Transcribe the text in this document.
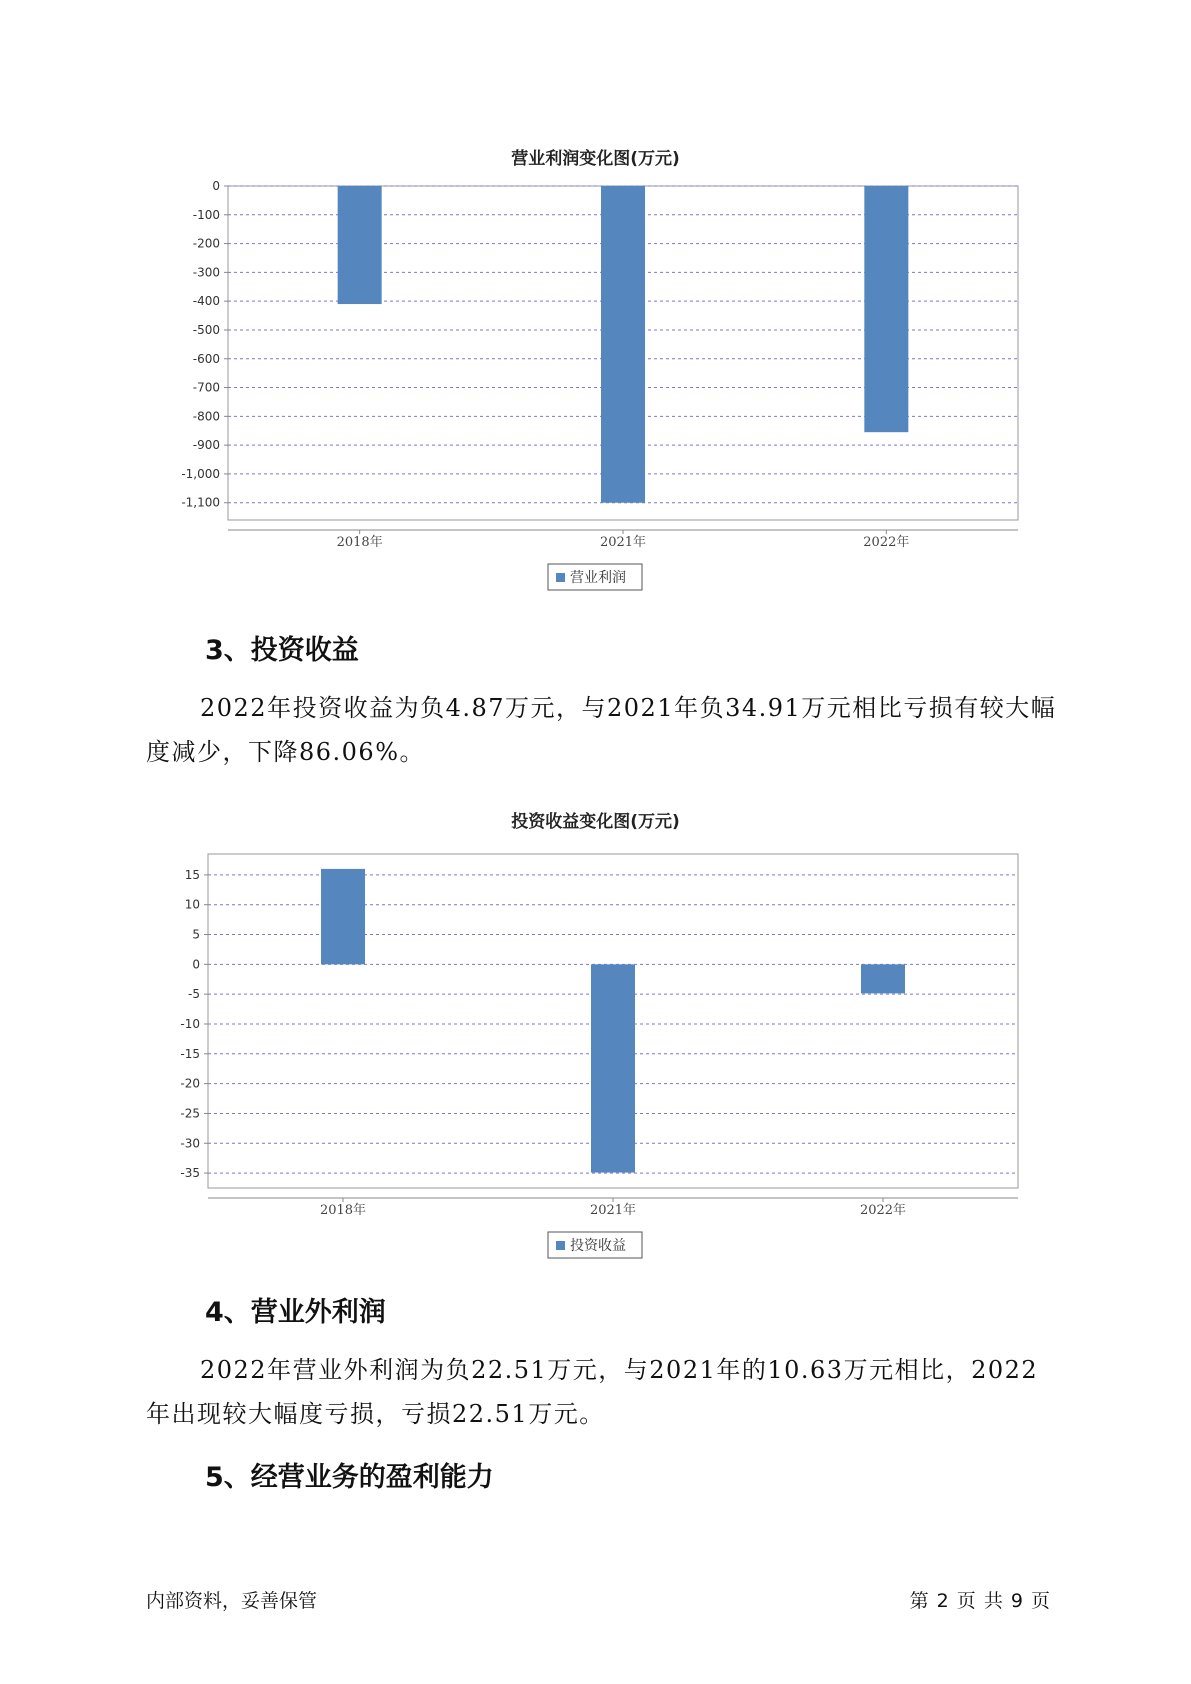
营业利润变化图(万元)
0
-100
-200
-300
-400
-500
-600
-700
-800
-900
-1,000
-1,100
2018年	2021年	2022年
营业利润
3、投资收益

2022年投资收益为负4.87万元，与2021年负34.91万元相比亏损有较大幅度减少，下降86.06%。

投资收益变化图(万元)
15
10
5
0
-5
-10
-15
-20
-25
-30
-35
2018年	2021年	2022年
投资收益
4、营业外利润

2022年营业外利润为负22.51万元，与2021年的10.63万元相比，2022年出现较大幅度亏损，亏损22.51万元。

5、经营业务的盈利能力
内部资料，妥善保管	第 2 页 共 9 页
